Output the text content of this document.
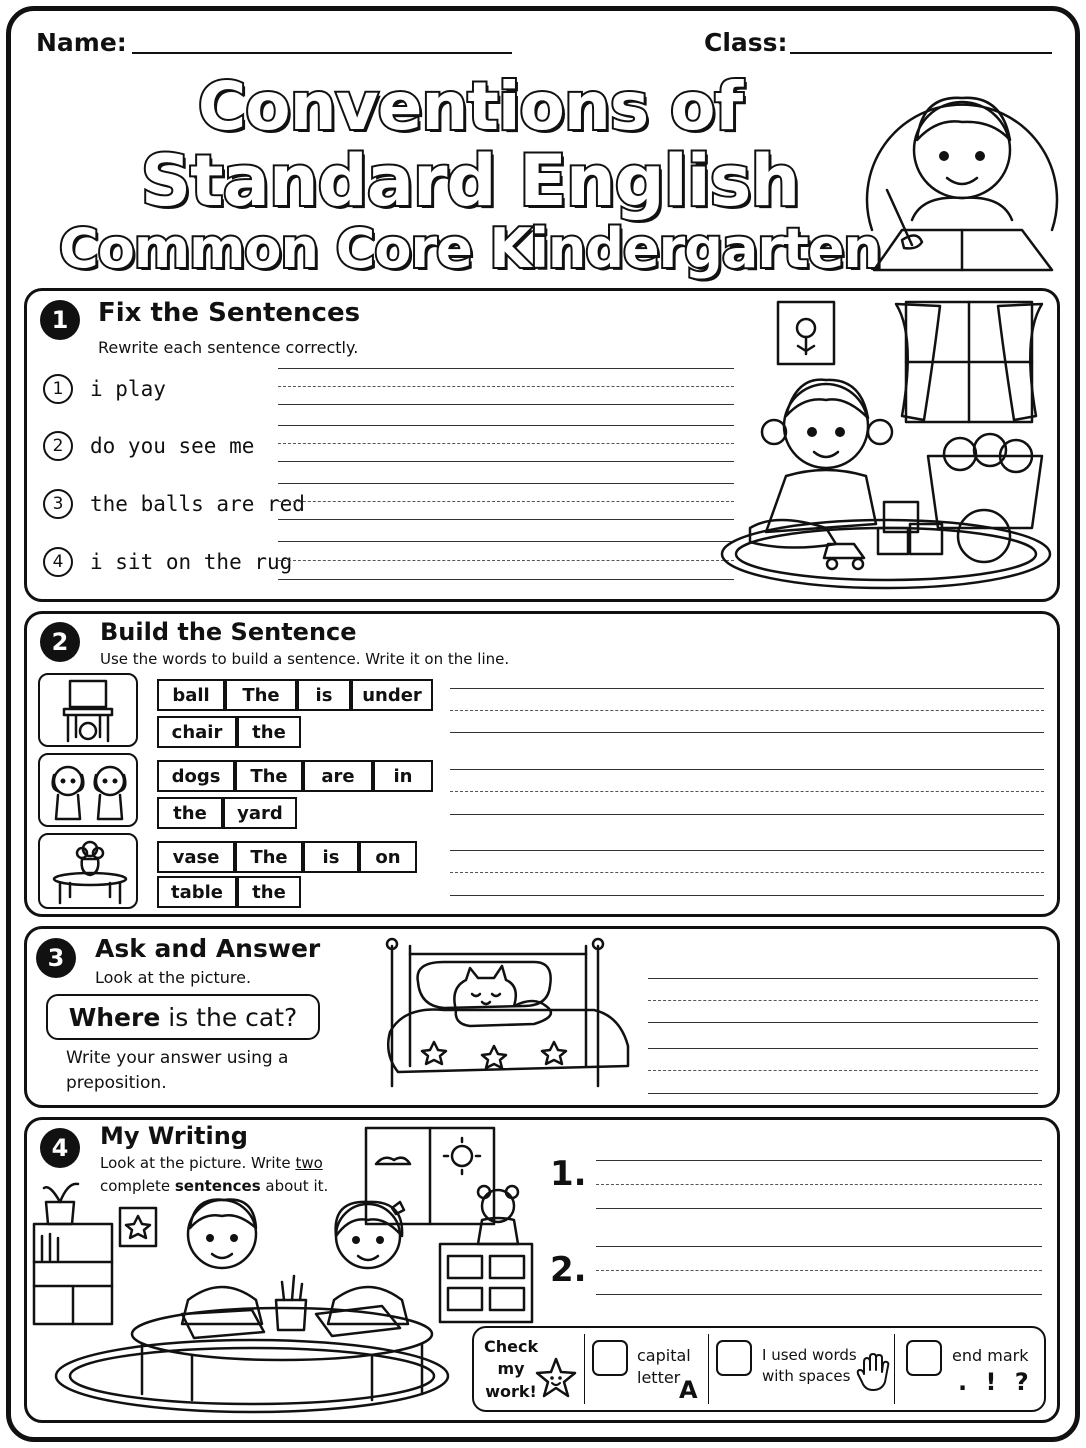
Name:	Class:
Conventions of
Standard English
Common Core Kindergarten
1	Fix the Sentences
Rewrite each sentence correctly.
1	i play
2	do you see me
3	the balls are red
4	i sit on the rug
2	Build the Sentence
Use the words to build a sentence. Write it on the line.
ball	The	is	under
chair	the
dogs	The	are	in
the	yard
vase	The	is	on
table	the
3	Ask and Answer
Look at the picture.
Where is the cat?
Write your answer using a
preposition.
4	My Writing
Look at the picture. Write two
complete sentences about it.	1.
2.
Check
my
work!
capital
letter
A
I used words
with spaces
end mark
. ! ?
